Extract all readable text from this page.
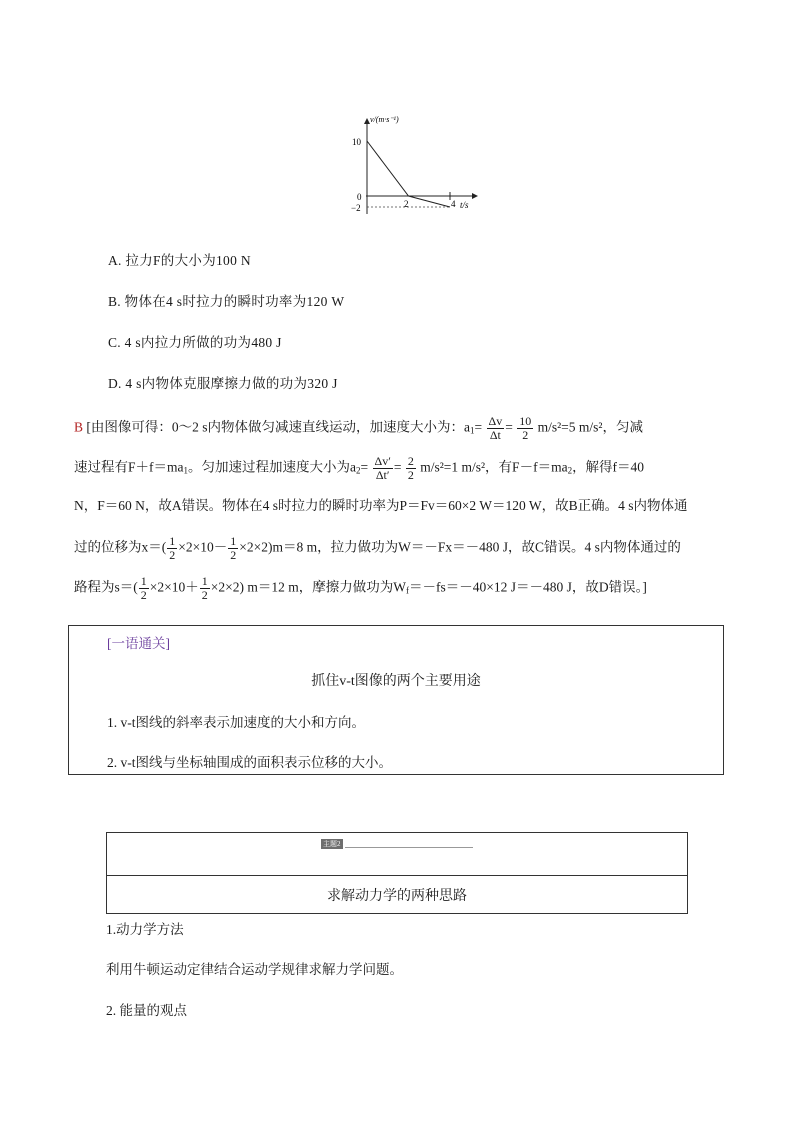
v/(m·s⁻¹)
t/s
10
0
−2	2	4
A. 拉力F的大小为100 N
B. 物体在4 s时拉力的瞬时功率为120 W
C. 4 s内拉力所做的功为480 J
D. 4 s内物体克服摩擦力做的功为320 J
B [由图像可得：0～2 s内物体做匀减速直线运动，加速度大小为：$a_1= \frac{\Delta v}{\Delta t} = \frac{10}{2} m/s^2=5$ m/s²，匀减
速过程有$F+f=ma_1$。匀加速过程加速度大小为$a_2= \frac{\Delta v'}{\Delta t'} = \frac{2}{2} m/s^2=1$ m/s²，有$F-f=ma_2$，解得f＝40
N，F＝60 N，故A错误。物体在4 s时拉力的瞬时功率为P＝Fv＝60×2 W＝120 W，故B正确。4 s内物体通
过的位移为$x=( \frac{1}{2} \times 2\times 10- \frac{1}{2} \times 2\times 2)m=8$ m，拉力做功为W＝－Fx＝－480 J，故C错误。4 s内物体通过的
路程为$s=( \frac{1}{2} \times 2\times 10+ \frac{1}{2} \times 2\times 2)$ m＝12 m，摩擦力做功为$W_f=-fs=-40\times 12$ J＝－480 J，故D错误。]
[一语通关]
抓住v-t图像的两个主要用途
1. v-t图线的斜率表示加速度的大小和方向。
2. v-t图线与坐标轴围成的面积表示位移的大小。
主题2
求解动力学的两种思路
1.动力学方法
利用牛顿运动定律结合运动学规律求解力学问题。
2. 能量的观点
